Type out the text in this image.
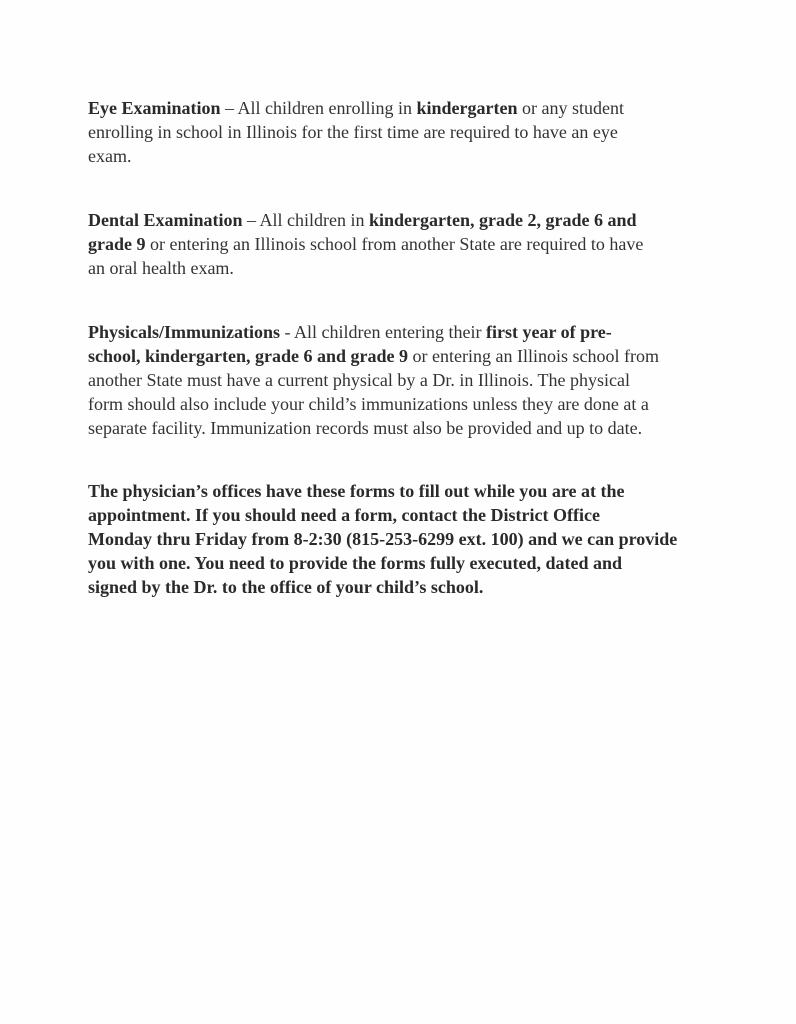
Eye Examination – All children enrolling in kindergarten or any student
enrolling in school in Illinois for the first time are required to have an eye
exam.

Dental Examination – All children in kindergarten, grade 2, grade 6 and
grade 9 or entering an Illinois school from another State are required to have
an oral health exam.

Physicals/Immunizations - All children entering their first year of pre-
school, kindergarten, grade 6 and grade 9 or entering an Illinois school from
another State must have a current physical by a Dr. in Illinois. The physical
form should also include your child’s immunizations unless they are done at a
separate facility. Immunization records must also be provided and up to date.

The physician’s offices have these forms to fill out while you are at the
appointment. If you should need a form, contact the District Office
Monday thru Friday from 8-2:30 (815-253-6299 ext. 100) and we can provide
you with one. You need to provide the forms fully executed, dated and
signed by the Dr. to the office of your child’s school.
